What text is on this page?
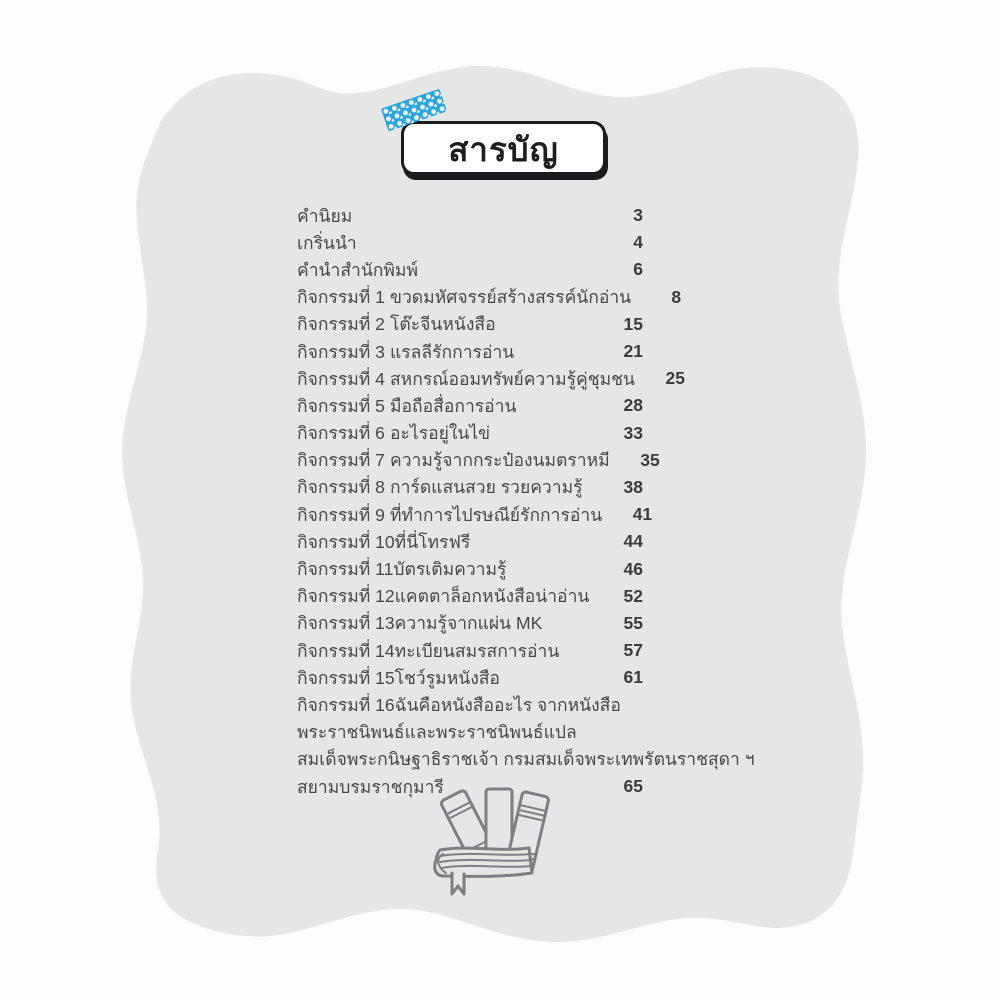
สารบัญ
คำนิยม	3
เกริ่นนำ	4
คำนำสำนักพิมพ์	6
กิจกรรมที่ 1 ขวดมหัศจรรย์สร้างสรรค์นักอ่าน	8
กิจกรรมที่ 2 โต๊ะจีนหนังสือ	15
กิจกรรมที่ 3 แรลลีรักการอ่าน	21
กิจกรรมที่ 4 สหกรณ์ออมทรัพย์ความรู้คู่ชุมชน	25
กิจกรรมที่ 5 มือถือสื่อการอ่าน	28
กิจกรรมที่ 6 อะไรอยู่ในไข่	33
กิจกรรมที่ 7 ความรู้จากกระป๋องนมตราหมี	35
กิจกรรมที่ 8 การ์ดแสนสวย รวยความรู้	38
กิจกรรมที่ 9 ที่ทำการไปรษณีย์รักการอ่าน	41
กิจกรรมที่ 10 ที่นี่โทรฟรี	44
กิจกรรมที่ 11 บัตรเติมความรู้	46
กิจกรรมที่ 12 แคตตาล็อกหนังสือน่าอ่าน	52
กิจกรรมที่ 13 ความรู้จากแผ่น MK	55
กิจกรรมที่ 14 ทะเบียนสมรสการอ่าน	57
กิจกรรมที่ 15 โชว์รูมหนังสือ	61
กิจกรรมที่ 16 ฉันคือหนังสืออะไร จากหนังสือ
พระราชนิพนธ์และพระราชนิพนธ์แปล
สมเด็จพระกนิษฐาธิราชเจ้า กรมสมเด็จพระเทพรัตนราชสุดา ฯ
สยามบรมราชกุมารี	65
